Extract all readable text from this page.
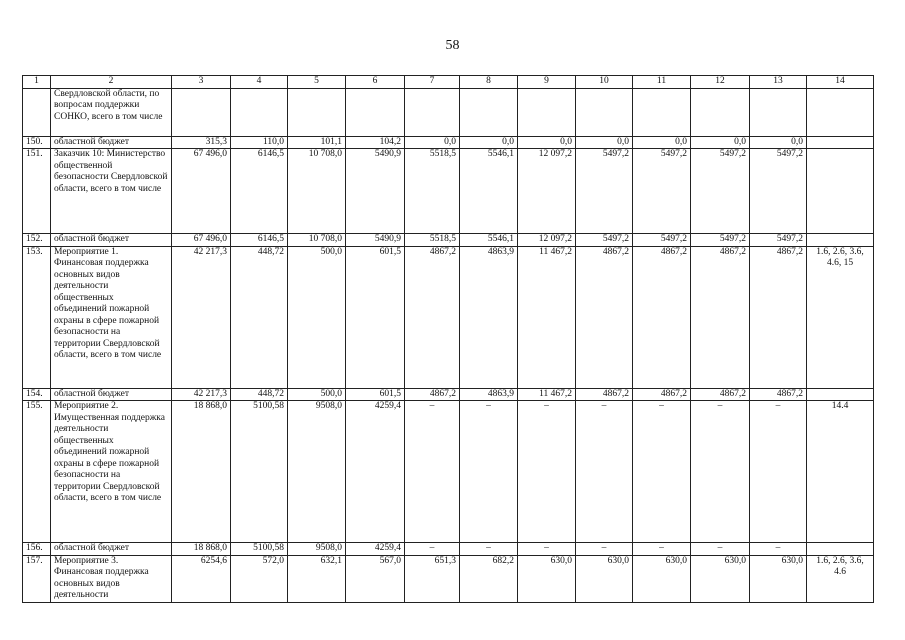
58
1	2	3	4	5	6	7	8	9	10	11	12	13	14
	Свердловской области, по вопросам поддержки СОНКО, всего в том числе												
150.	областной бюджет	315,3	110,0	101,1	104,2	0,0	0,0	0,0	0,0	0,0	0,0	0,0	
151.	Заказчик 10: Министерство общественной безопасности Свердловской области, всего в том числе	67 496,0	6146,5	10 708,0	5490,9	5518,5	5546,1	12 097,2	5497,2	5497,2	5497,2	5497,2	
152.	областной бюджет	67 496,0	6146,5	10 708,0	5490,9	5518,5	5546,1	12 097,2	5497,2	5497,2	5497,2	5497,2	
153.	Мероприятие 1. Финансовая поддержка основных видов деятельности общественных объединений пожарной охраны в сфере пожарной безопасности на территории Свердловской области, всего в том числе	42 217,3	448,72	500,0	601,5	4867,2	4863,9	11 467,2	4867,2	4867,2	4867,2	4867,2	1.6, 2.6, 3.6, 4.6, 15
154.	областной бюджет	42 217,3	448,72	500,0	601,5	4867,2	4863,9	11 467,2	4867,2	4867,2	4867,2	4867,2	
155.	Мероприятие 2. Имущественная поддержка деятельности общественных объединений пожарной охраны в сфере пожарной безопасности на территории Свердловской области, всего в том числе	18 868,0	5100,58	9508,0	4259,4	–	–	–	–	–	–	–	14.4
156.	областной бюджет	18 868,0	5100,58	9508,0	4259,4	–	–	–	–	–	–	–	
157.	Мероприятие 3. Финансовая поддержка основных видов деятельности	6254,6	572,0	632,1	567,0	651,3	682,2	630,0	630,0	630,0	630,0	630,0	1.6, 2.6, 3.6, 4.6
